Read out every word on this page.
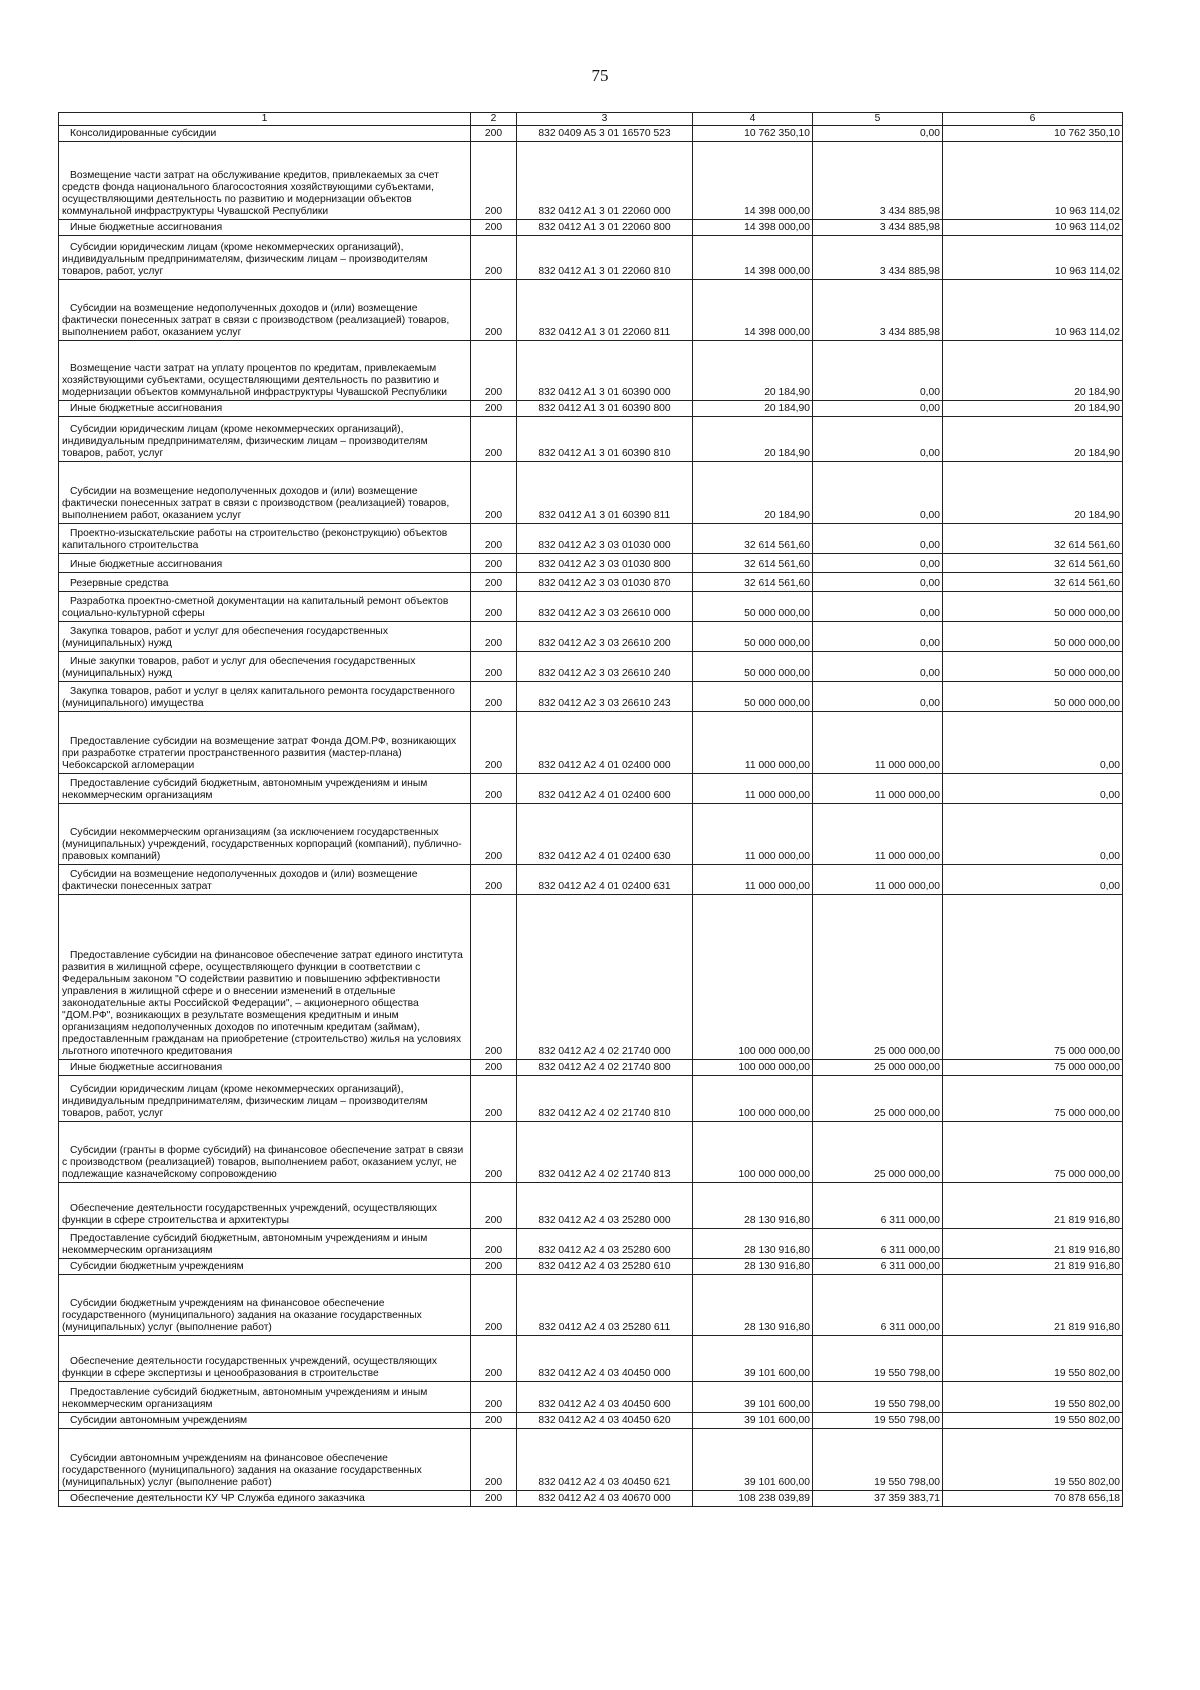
75
1	2	3	4	5	6
Консолидированные субсидии	200	832 0409 A5 3 01 16570 523	10 762 350,10	0,00	10 762 350,10
Возмещение части затрат на обслуживание кредитов, привлекаемых за счет средств фонда национального благосостояния хозяйствующими субъектами, осуществляющими деятельность по развитию и модернизации объектов коммунальной инфраструктуры Чувашской Республики	200	832 0412 A1 3 01 22060 000	14 398 000,00	3 434 885,98	10 963 114,02
Иные бюджетные ассигнования	200	832 0412 A1 3 01 22060 800	14 398 000,00	3 434 885,98	10 963 114,02
Субсидии юридическим лицам (кроме некоммерческих организаций), индивидуальным предпринимателям, физическим лицам – производителям товаров, работ, услуг	200	832 0412 A1 3 01 22060 810	14 398 000,00	3 434 885,98	10 963 114,02
Субсидии на возмещение недополученных доходов и (или) возмещение фактически понесенных затрат в связи с производством (реализацией) товаров, выполнением работ, оказанием услуг	200	832 0412 A1 3 01 22060 811	14 398 000,00	3 434 885,98	10 963 114,02
Возмещение части затрат на уплату процентов по кредитам, привлекаемым хозяйствующими субъектами, осуществляющими деятельность по развитию и модернизации объектов коммунальной инфраструктуры Чувашской Республики	200	832 0412 A1 3 01 60390 000	20 184,90	0,00	20 184,90
Иные бюджетные ассигнования	200	832 0412 A1 3 01 60390 800	20 184,90	0,00	20 184,90
Субсидии юридическим лицам (кроме некоммерческих организаций), индивидуальным предпринимателям, физическим лицам – производителям товаров, работ, услуг	200	832 0412 A1 3 01 60390 810	20 184,90	0,00	20 184,90
Субсидии на возмещение недополученных доходов и (или) возмещение фактически понесенных затрат в связи с производством (реализацией) товаров, выполнением работ, оказанием услуг	200	832 0412 A1 3 01 60390 811	20 184,90	0,00	20 184,90
Проектно-изыскательские работы на строительство (реконструкцию) объектов капитального строительства	200	832 0412 A2 3 03 01030 000	32 614 561,60	0,00	32 614 561,60
Иные бюджетные ассигнования	200	832 0412 A2 3 03 01030 800	32 614 561,60	0,00	32 614 561,60
Резервные средства	200	832 0412 A2 3 03 01030 870	32 614 561,60	0,00	32 614 561,60
Разработка проектно-сметной документации на капитальный ремонт объектов социально-культурной сферы	200	832 0412 A2 3 03 26610 000	50 000 000,00	0,00	50 000 000,00
Закупка товаров, работ и услуг для обеспечения государственных (муниципальных) нужд	200	832 0412 A2 3 03 26610 200	50 000 000,00	0,00	50 000 000,00
Иные закупки товаров, работ и услуг для обеспечения государственных (муниципальных) нужд	200	832 0412 A2 3 03 26610 240	50 000 000,00	0,00	50 000 000,00
Закупка товаров, работ и услуг в целях капитального ремонта государственного (муниципального) имущества	200	832 0412 A2 3 03 26610 243	50 000 000,00	0,00	50 000 000,00
Предоставление субсидии на возмещение затрат Фонда ДОМ.РФ, возникающих при разработке стратегии пространственного развития (мастер-плана) Чебоксарской агломерации	200	832 0412 A2 4 01 02400 000	11 000 000,00	11 000 000,00	0,00
Предоставление субсидий бюджетным, автономным учреждениям и иным некоммерческим организациям	200	832 0412 A2 4 01 02400 600	11 000 000,00	11 000 000,00	0,00
Субсидии некоммерческим организациям (за исключением государственных (муниципальных) учреждений, государственных корпораций (компаний), публично-правовых компаний)	200	832 0412 A2 4 01 02400 630	11 000 000,00	11 000 000,00	0,00
Субсидии на возмещение недополученных доходов и (или) возмещение фактически понесенных затрат	200	832 0412 A2 4 01 02400 631	11 000 000,00	11 000 000,00	0,00
Предоставление субсидии на финансовое обеспечение затрат единого института развития в жилищной сфере, осуществляющего функции в соответствии с Федеральным законом "О содействии развитию и повышению эффективности управления в жилищной сфере и о внесении изменений в отдельные законодательные акты Российской Федерации", – акционерного общества "ДОМ.РФ", возникающих в результате возмещения кредитным и иным организациям недополученных доходов по ипотечным кредитам (займам), предоставленным гражданам на приобретение (строительство) жилья на условиях льготного ипотечного кредитования	200	832 0412 A2 4 02 21740 000	100 000 000,00	25 000 000,00	75 000 000,00
Иные бюджетные ассигнования	200	832 0412 A2 4 02 21740 800	100 000 000,00	25 000 000,00	75 000 000,00
Субсидии юридическим лицам (кроме некоммерческих организаций), индивидуальным предпринимателям, физическим лицам – производителям товаров, работ, услуг	200	832 0412 A2 4 02 21740 810	100 000 000,00	25 000 000,00	75 000 000,00
Субсидии (гранты в форме субсидий) на финансовое обеспечение затрат в связи с производством (реализацией) товаров, выполнением работ, оказанием услуг, не подлежащие казначейскому сопровождению	200	832 0412 A2 4 02 21740 813	100 000 000,00	25 000 000,00	75 000 000,00
Обеспечение деятельности государственных учреждений, осуществляющих функции в сфере строительства и архитектуры	200	832 0412 A2 4 03 25280 000	28 130 916,80	6 311 000,00	21 819 916,80
Предоставление субсидий бюджетным, автономным учреждениям и иным некоммерческим организациям	200	832 0412 A2 4 03 25280 600	28 130 916,80	6 311 000,00	21 819 916,80
Субсидии бюджетным учреждениям	200	832 0412 A2 4 03 25280 610	28 130 916,80	6 311 000,00	21 819 916,80
Субсидии бюджетным учреждениям на финансовое обеспечение государственного (муниципального) задания на оказание государственных (муниципальных) услуг (выполнение работ)	200	832 0412 A2 4 03 25280 611	28 130 916,80	6 311 000,00	21 819 916,80
Обеспечение деятельности государственных учреждений, осуществляющих функции в сфере экспертизы и ценообразования в строительстве	200	832 0412 A2 4 03 40450 000	39 101 600,00	19 550 798,00	19 550 802,00
Предоставление субсидий бюджетным, автономным учреждениям и иным некоммерческим организациям	200	832 0412 A2 4 03 40450 600	39 101 600,00	19 550 798,00	19 550 802,00
Субсидии автономным учреждениям	200	832 0412 A2 4 03 40450 620	39 101 600,00	19 550 798,00	19 550 802,00
Субсидии автономным учреждениям на финансовое обеспечение государственного (муниципального) задания на оказание государственных (муниципальных) услуг (выполнение работ)	200	832 0412 A2 4 03 40450 621	39 101 600,00	19 550 798,00	19 550 802,00
Обеспечение деятельности КУ ЧР Служба единого заказчика	200	832 0412 A2 4 03 40670 000	108 238 039,89	37 359 383,71	70 878 656,18
